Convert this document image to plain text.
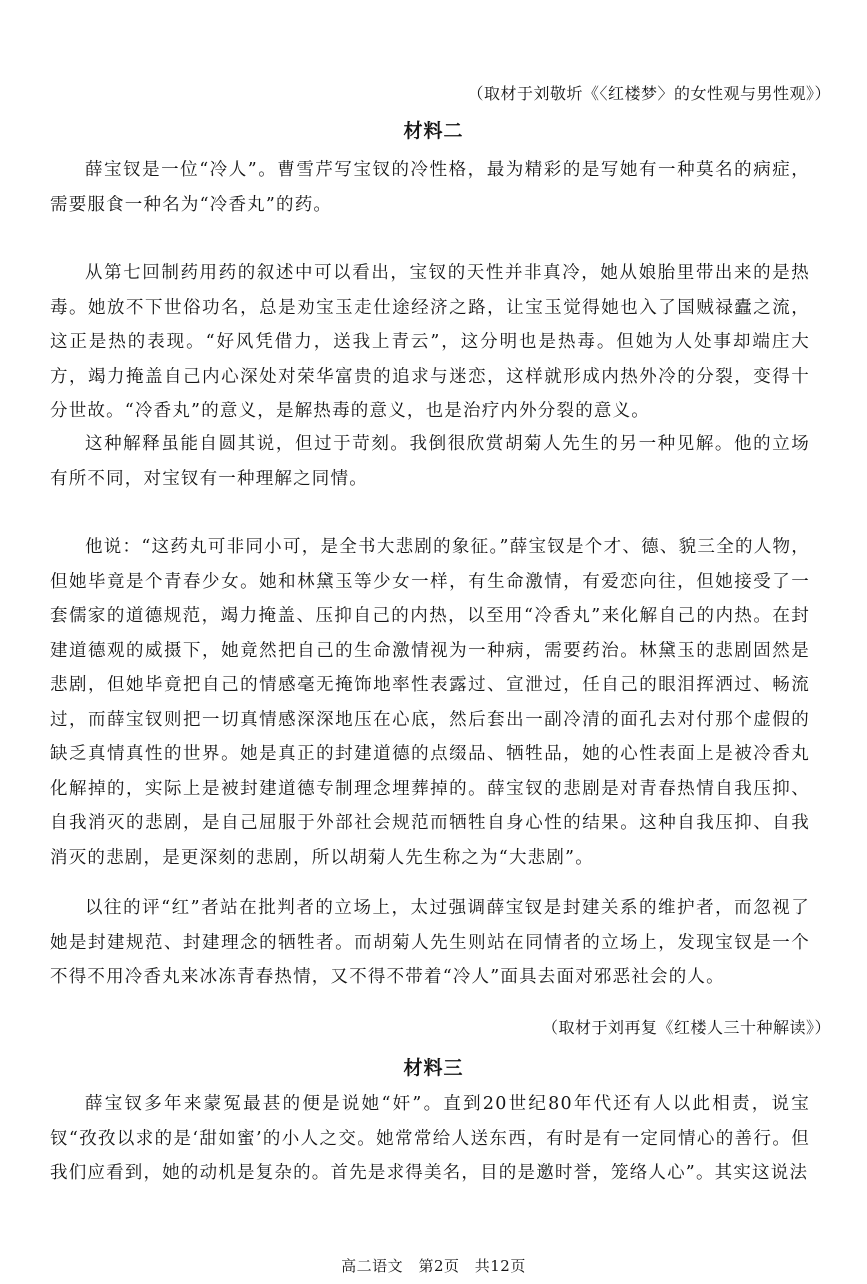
（取材于刘敬圻《〈红楼梦〉的女性观与男性观》）
材料二

薛宝钗是一位“冷人”。曹雪芹写宝钗的冷性格，最为精彩的是写她有一种莫名的病症，需要服食一种名为“冷香丸”的药。

从第七回制药用药的叙述中可以看出，宝钗的天性并非真冷，她从娘胎里带出来的是热毒。她放不下世俗功名，总是劝宝玉走仕途经济之路，让宝玉觉得她也入了国贼禄蠹之流，这正是热的表现。“好风凭借力，送我上青云”，这分明也是热毒。但她为人处事却端庄大方，竭力掩盖自己内心深处对荣华富贵的追求与迷恋，这样就形成内热外冷的分裂，变得十分世故。“冷香丸”的意义，是解热毒的意义，也是治疗内外分裂的意义。

这种解释虽能自圆其说，但过于苛刻。我倒很欣赏胡菊人先生的另一种见解。他的立场有所不同，对宝钗有一种理解之同情。

他说：“这药丸可非同小可，是全书大悲剧的象征。”薛宝钗是个才、德、貌三全的人物，但她毕竟是个青春少女。她和林黛玉等少女一样，有生命激情，有爱恋向往，但她接受了一套儒家的道德规范，竭力掩盖、压抑自己的内热，以至用“冷香丸”来化解自己的内热。在封建道德观的威摄下，她竟然把自己的生命激情视为一种病，需要药治。林黛玉的悲剧固然是悲剧，但她毕竟把自己的情感毫无掩饰地率性表露过、宣泄过，任自己的眼泪挥洒过、畅流过，而薛宝钗则把一切真情感深深地压在心底，然后套出一副冷清的面孔去对付那个虚假的缺乏真情真性的世界。她是真正的封建道德的点缀品、牺牲品，她的心性表面上是被冷香丸化解掉的，实际上是被封建道德专制理念埋葬掉的。薛宝钗的悲剧是对青春热情自我压抑、自我消灭的悲剧，是自己屈服于外部社会规范而牺牲自身心性的结果。这种自我压抑、自我消灭的悲剧，是更深刻的悲剧，所以胡菊人先生称之为“大悲剧”。

以往的评“红”者站在批判者的立场上，太过强调薛宝钗是封建关系的维护者，而忽视了她是封建规范、封建理念的牺牲者。而胡菊人先生则站在同情者的立场上，发现宝钗是一个不得不用冷香丸来冰冻青春热情，又不得不带着“冷人”面具去面对邪恶社会的人。

（取材于刘再复《红楼人三十种解读》）
材料三

薛宝钗多年来蒙冤最甚的便是说她“奸”。直到20世纪80年代还有人以此相责，说宝钗“孜孜以求的是‘甜如蜜’的小人之交。她常常给人送东西，有时是有一定同情心的善行。但我们应看到，她的动机是复杂的。首先是求得美名，目的是邀时誉，笼络人心”。其实这说法

高二语文 第2页 共12页
